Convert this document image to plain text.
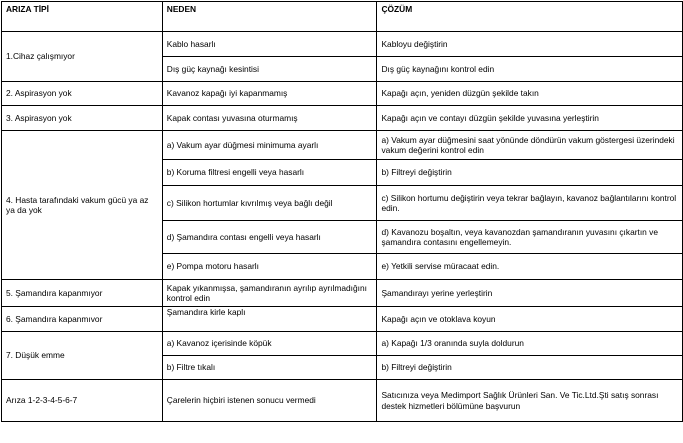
ARIZA TİPİ	NEDEN	ÇÖZÜM
1.Cihaz çalışmıyor	Kablo hasarlı	Kabloyu değiştirin
	Dış güç kaynağı kesintisi	Dış güç kaynağını kontrol edin
2. Aspirasyon yok	Kavanoz kapağı iyi kapanmamış	Kapağı açın, yeniden düzgün şekilde takın
3. Aspirasyon yok	Kapak contası yuvasına oturmamış	Kapağı açın ve contayı düzgün şekilde yuvasına yerleştirin
4. Hasta tarafındaki vakum gücü ya az ya da yok	a) Vakum ayar düğmesi minimuma ayarlı	a) Vakum ayar düğmesini saat yönünde döndürün vakum göstergesi üzerindeki vakum değerini kontrol edin
	b) Koruma filtresi engelli veya hasarlı	b) Filtreyi değiştirin
	c) Silikon hortumlar kıvrılmış veya bağlı değil	c) Silikon hortumu değiştirin veya tekrar bağlayın, kavanoz bağlantılarını kontrol edin.
	d) Şamandıra contası engelli veya hasarlı	d) Kavanozu boşaltın, veya kavanozdan şamandıranın yuvasını çıkartın ve şamandıra contasını engellemeyin.
	e) Pompa motoru hasarlı	e) Yetkili servise müracaat edin.
5. Şamandıra kapanmıyor	Kapak yıkanmışsa, şamandıranın ayrılıp ayrılmadığını kontrol edin	Şamandırayı yerine yerleştirin
6. Şamandıra kapanmıvor	Şamandıra kirle kaplı	Kapağı açın ve otoklava koyun
7. Düşük emme	a) Kavanoz içerisinde köpük	a) Kapağı 1/3 oranında suyla doldurun
	b) Filtre tıkalı	b) Filtreyi değiştirin
Arıza 1-2-3-4-5-6-7	Çarelerin hiçbiri istenen sonucu vermedi	Satıcınıza veya Medimport Sağlık Ürünleri San. Ve Tic.Ltd.Şti satış sonrası destek hizmetleri bölümüne başvurun
